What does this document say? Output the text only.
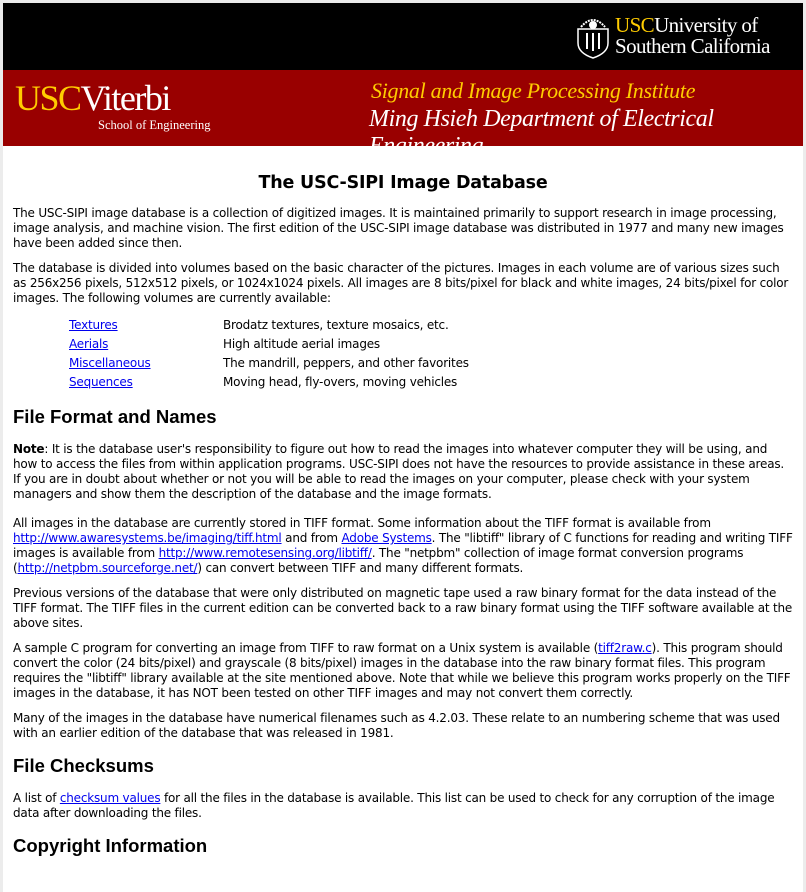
USCUniversity of
Southern California
USCViterbi
School of Engineering
Signal and Image Processing Institute
Ming Hsieh Department of Electrical Engineering
The USC-SIPI Image Database

The USC-SIPI image database is a collection of digitized images. It is maintained primarily to support research in image processing, image analysis, and machine vision. The first edition of the USC-SIPI image database was distributed in 1977 and many new images have been added since then.

The database is divided into volumes based on the basic character of the pictures. Images in each volume are of various sizes such as 256x256 pixels, 512x512 pixels, or 1024x1024 pixels. All images are 8 bits/pixel for black and white images, 24 bits/pixel for color images. The following volumes are currently available:

Textures	Brodatz textures, texture mosaics, etc.
Aerials	High altitude aerial images
Miscellaneous	The mandrill, peppers, and other favorites
Sequences	Moving head, fly-overs, moving vehicles
File Format and Names

Note: It is the database user's responsibility to figure out how to read the images into whatever computer they will be using, and how to access the files from within application programs. USC-SIPI does not have the resources to provide assistance in these areas. If you are in doubt about whether or not you will be able to read the images on your computer, please check with your system managers and show them the description of the database and the image formats.

All images in the database are currently stored in TIFF format. Some information about the TIFF format is available from http://www.awaresystems.be/imaging/tiff.html and from Adobe Systems. The "libtiff" library of C functions for reading and writing TIFF images is available from http://www.remotesensing.org/libtiff/. The "netpbm" collection of image format conversion programs (http://netpbm.sourceforge.net/) can convert between TIFF and many different formats.

Previous versions of the database that were only distributed on magnetic tape used a raw binary format for the data instead of the TIFF format. The TIFF files in the current edition can be converted back to a raw binary format using the TIFF software available at the above sites.

A sample C program for converting an image from TIFF to raw format on a Unix system is available (tiff2raw.c). This program should convert the color (24 bits/pixel) and grayscale (8 bits/pixel) images in the database into the raw binary format files. This program requires the "libtiff" library available at the site mentioned above. Note that while we believe this program works properly on the TIFF images in the database, it has NOT been tested on other TIFF images and may not convert them correctly.

Many of the images in the database have numerical filenames such as 4.2.03. These relate to an numbering scheme that was used with an earlier edition of the database that was released in 1981.

File Checksums

A list of checksum values for all the files in the database is available. This list can be used to check for any corruption of the image data after downloading the files.

Copyright Information
